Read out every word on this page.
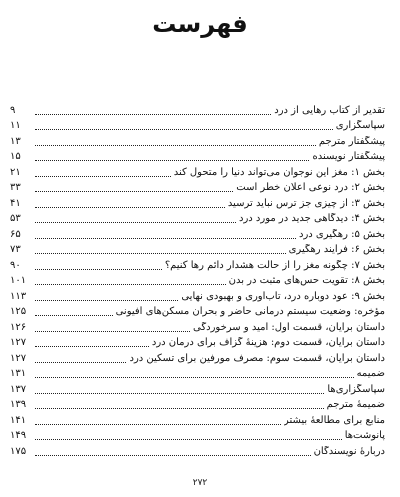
فهرست
تقدیر از کتاب رهایی از درد
۹
سپاسگزاری
۱۱
پیشگفتار مترجم
۱۳
پیشگفتار نویسنده
۱۵
بخش ۱: مغز این نوجوان می‌تواند دنیا را متحول کند
۲۱
بخش ۲: درد نوعی اعلان خطر است
۳۳
بخش ۳: از چیزی جز ترس نباید ترسید
۴۱
بخش ۴: دیدگاهی جدید در مورد درد
۵۳
بخش ۵: رهگیری درد
۶۵
بخش ۶: فرآیند رهگیری
۷۳
بخش ۷: چگونه مغز را از حالت هشدار دائم رها کنیم؟
۹۰
بخش ۸: تقویت حس‌های مثبت در بدن
۱۰۱
بخش ۹: عود دوباره درد، تاب‌آوری و بهبودی نهایی
۱۱۳
مؤخره: وضعیت سیستم درمانی حاضر و بحران مسکن‌های افیونی
۱۲۵
داستان برایان، قسمت اول: امید و سرخوردگی
۱۲۶
داستان برایان، قسمت دوم: هزینهٔ گزاف برای درمان درد
۱۲۷
داستان برایان، قسمت سوم: مصرف مورفین برای تسکین درد
۱۲۷
ضمیمه
۱۳۱
سپاسگزاری‌ها
۱۳۷
ضمیمهٔ مترجم
۱۳۹
منابع برای مطالعهٔ بیشتر
۱۴۱
پانوشت‌ها
۱۴۹
دربارهٔ نویسندگان
۱۷۵
۲۷۲
